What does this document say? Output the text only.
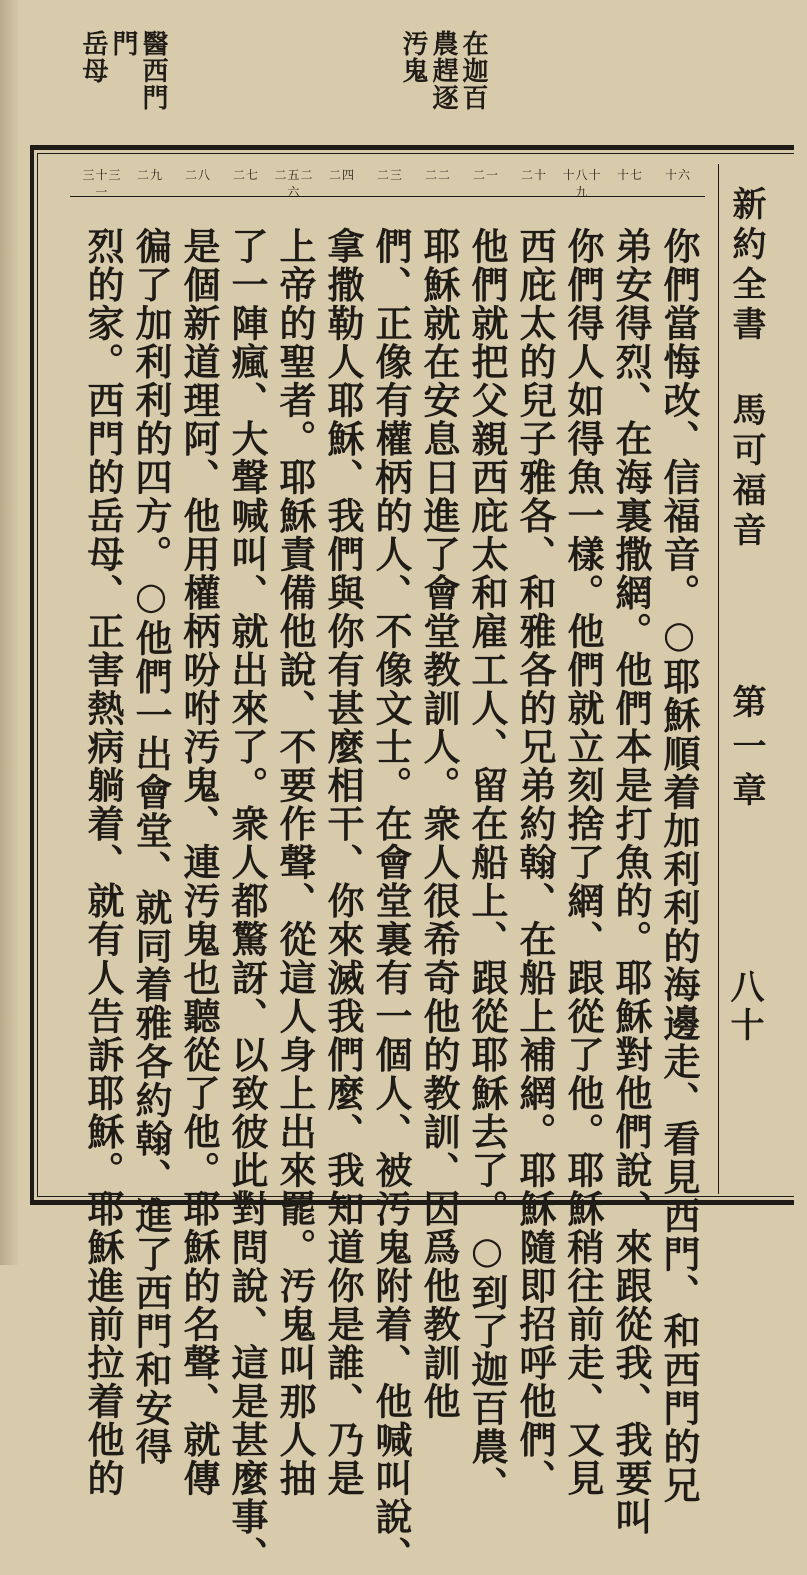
岳母 門 醫西門	汚鬼 農趕逐 在迦百
新約全書 馬可福音
第一章
八十
十六
十七
十八十九
二十
二一
二二
二三
二四
二五二六
二七
二八
二九
三十三一
你們當悔改、信福音。○耶穌順着加利利的海邊走、看見西門、和西門的兄
弟安得烈、在海裏撒網。他們本是打魚的。耶穌對他們說、來跟從我、我要叫
你們得人如得魚一樣。他們就立刻捨了網、跟從了他。耶穌稍往前走、又見
西庇太的兒子雅各、和雅各的兄弟約翰、在船上補網。耶穌隨即招呼他們、
他們就把父親西庇太和雇工人、留在船上、跟從耶穌去了。○到了迦百農、
耶穌就在安息日進了會堂教訓人。衆人很希奇他的教訓、因爲他教訓他
們、正像有權柄的人、不像文士。在會堂裏有一個人、被汚鬼附着、他喊叫說、
拿撒勒人耶穌、我們與你有甚麼相干、你來滅我們麼、我知道你是誰、乃是
上帝的聖者。耶穌責備他說、不要作聲、從這人身上出來罷。汚鬼叫那人抽
了一陣瘋、大聲喊叫、就出來了。衆人都驚訝、以致彼此對問說、這是甚麼事、
是個新道理阿、他用權柄吩咐汚鬼、連汚鬼也聽從了他。耶穌的名聲、就傳
徧了加利利的四方。○他們一出會堂、就同着雅各約翰、進了西門和安得
烈的家。西門的岳母、正害熱病躺着、就有人告訴耶穌。耶穌進前拉着他的
